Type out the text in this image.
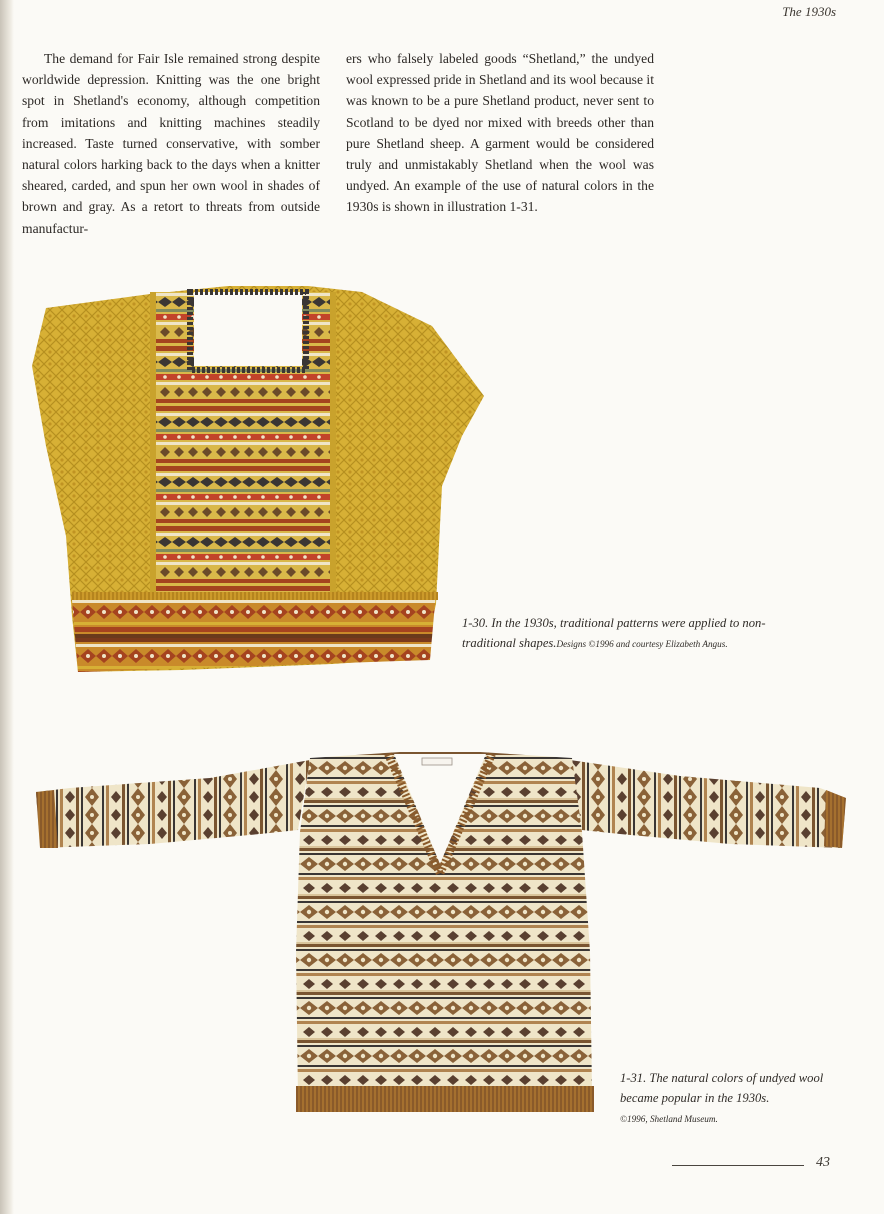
The 1930s

The demand for Fair Isle remained strong despite worldwide depression. Knitting was the one bright spot in Shetland's economy, although competition from imitations and knitting machines steadily increased. Taste turned conservative, with somber natural colors harking back to the days when a knitter sheared, carded, and spun her own wool in shades of brown and gray. As a retort to threats from outside manufactur-

ers who falsely labeled goods “Shetland,” the undyed wool expressed pride in Shetland and its wool because it was known to be a pure Shetland product, never sent to Scotland to be dyed nor mixed with breeds other than pure Shetland sheep. A garment would be considered truly and unmistakably Shetland when the wool was undyed. An example of the use of natural colors in the 1930s is shown in illustration 1-31.

1-30. In the 1930s, traditional patterns were applied to non-traditional shapes.Designs ©1996 and courtesy Elizabeth Angus.
1-31. The natural colors of undyed wool became popular in the 1930s.
©1996, Shetland Museum.
43
